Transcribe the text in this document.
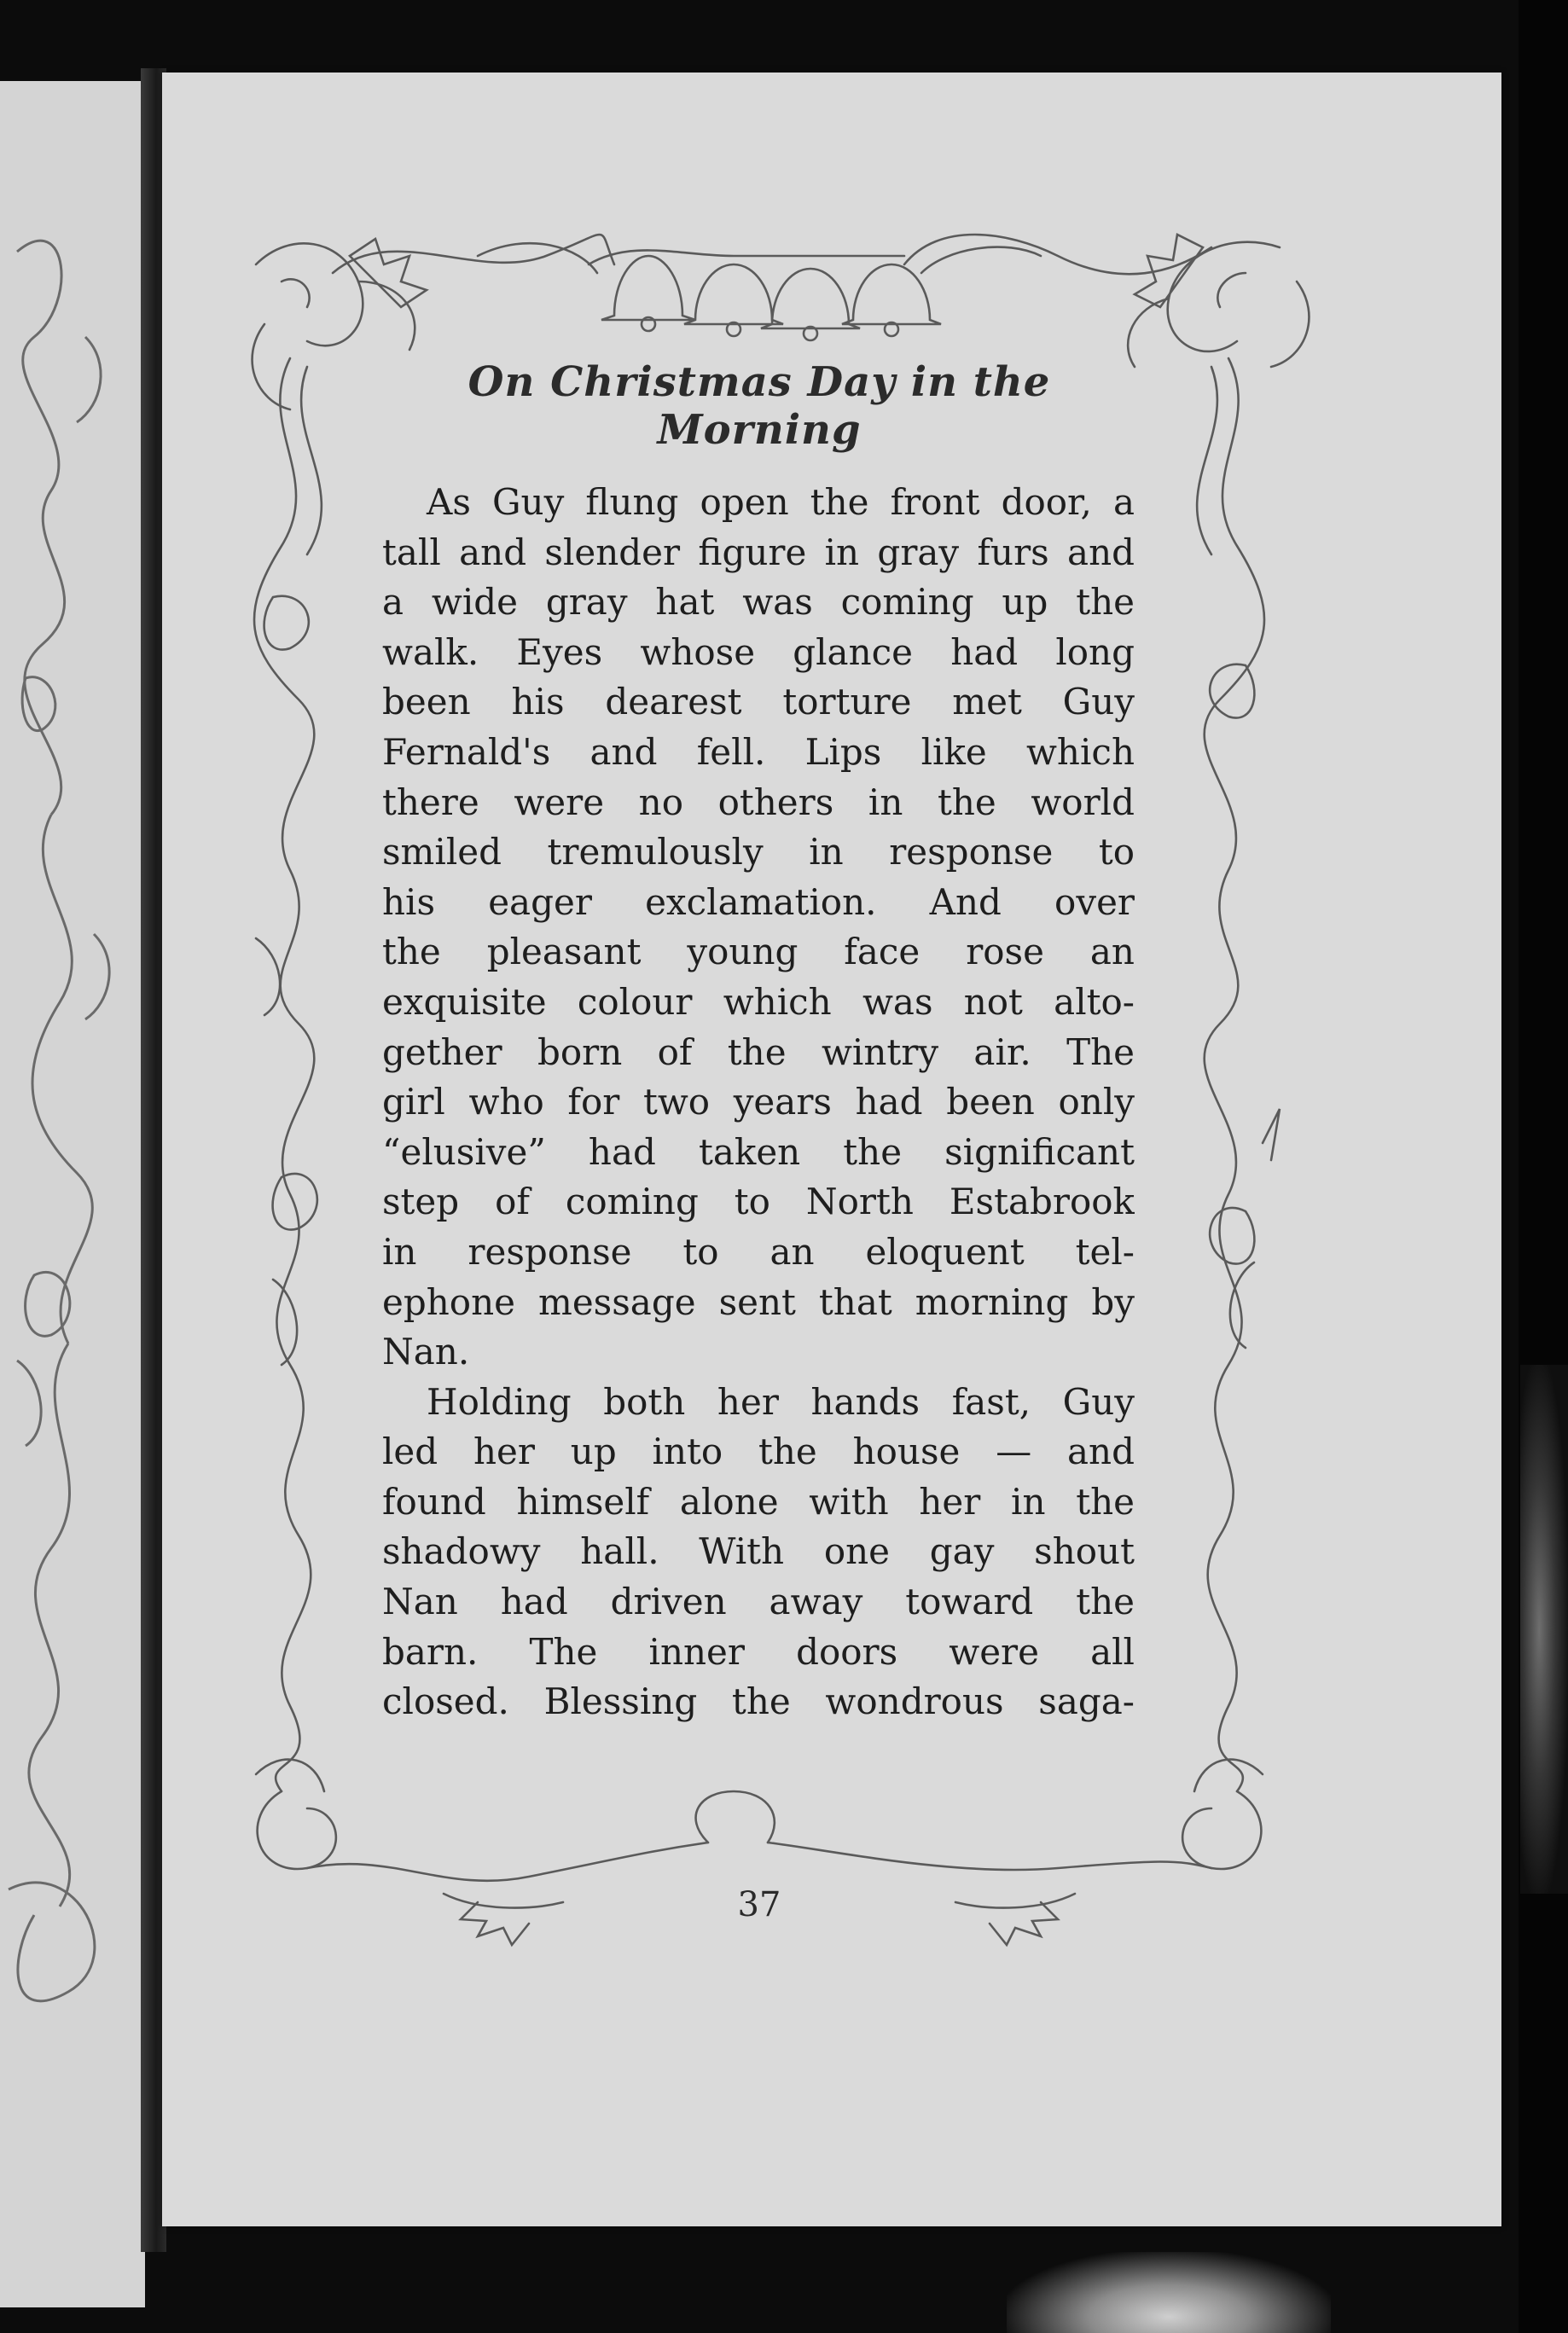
On Christmas Day in the Morning
As Guy flung open the front door, a
tall and slender figure in gray furs and
a wide gray hat was coming up the
walk. Eyes whose glance had long
been his dearest torture met Guy
Fernald's and fell. Lips like which
there were no others in the world
smiled tremulously in response to
his eager exclamation. And over
the pleasant young face rose an
exquisite colour which was not alto-
gether born of the wintry air. The
girl who for two years had been only
“elusive” had taken the significant
step of coming to North Estabrook
in response to an eloquent tel-
ephone message sent that morning by
Nan.
Holding both her hands fast, Guy
led her up into the house — and
found himself alone with her in the
shadowy hall. With one gay shout
Nan had driven away toward the
barn. The inner doors were all
closed. Blessing the wondrous saga-
37
